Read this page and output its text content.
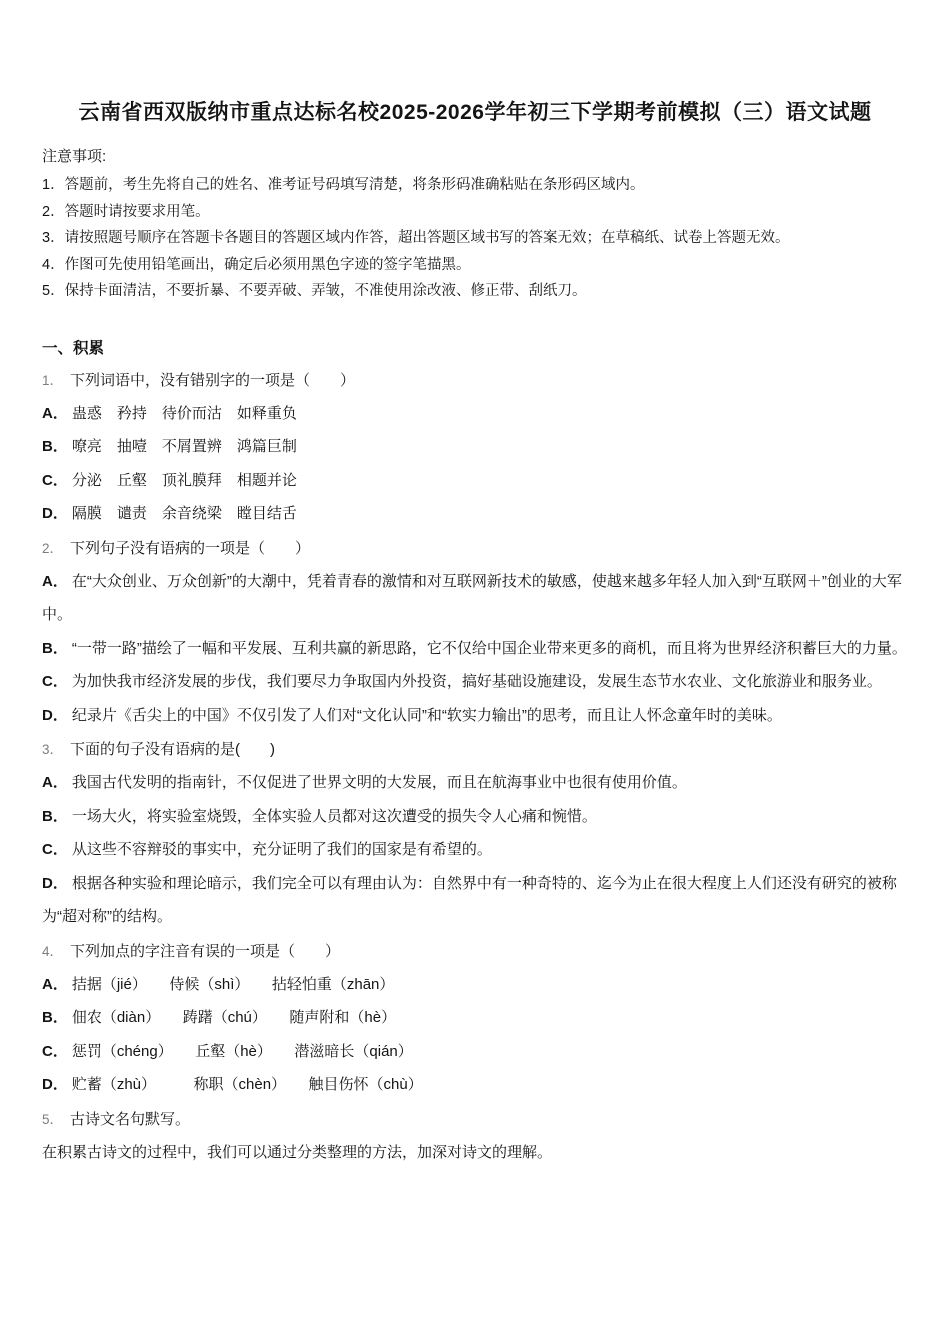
云南省西双版纳市重点达标名校2025-2026学年初三下学期考前模拟（三）语文试题
注意事项:
1．答题前，考生先将自己的姓名、准考证号码填写清楚，将条形码准确粘贴在条形码区域内。
2．答题时请按要求用笔。
3．请按照题号顺序在答题卡各题目的答题区域内作答，超出答题区域书写的答案无效；在草稿纸、试卷上答题无效。
4．作图可先使用铅笔画出，确定后必须用黑色字迹的签字笔描黑。
5．保持卡面清洁，不要折暴、不要弄破、弄皱，不准使用涂改液、修正带、刮纸刀。
一、积累
1． 下列词语中，没有错别字的一项是（　　）
A． 蛊惑　矜持　待价而沽　如释重负
B． 嘹亮　抽噎　不屑置辨　鸿篇巨制
C． 分泌　丘壑　顶礼膜拜　相题并论
D． 隔膜　谴责　余音绕梁　瞠目结舌
2． 下列句子没有语病的一项是（　　）
A． 在“大众创业、万众创新”的大潮中，凭着青春的激情和对互联网新技术的敏感，使越来越多年轻人加入到“互联网＋”创业的大军中。
B． “一带一路”描绘了一幅和平发展、互利共赢的新思路，它不仅给中国企业带来更多的商机，而且将为世界经济积蓄巨大的力量。
C． 为加快我市经济发展的步伐，我们要尽力争取国内外投资，搞好基础设施建设，发展生态节水农业、文化旅游业和服务业。
D． 纪录片《舌尖上的中国》不仅引发了人们对“文化认同”和“软实力输出”的思考，而且让人怀念童年时的美味。
3． 下面的句子没有语病的是(　　)
A． 我国古代发明的指南针，不仅促进了世界文明的大发展，而且在航海事业中也很有使用价值。
B． 一场大火，将实验室烧毁，全体实验人员都对这次遭受的损失令人心痛和惋惜。
C． 从这些不容辩驳的事实中，充分证明了我们的国家是有希望的。
D． 根据各种实验和理论暗示，我们完全可以有理由认为：自然界中有一种奇特的、迄今为止在很大程度上人们还没有研究的被称为“超对称”的结构。
4． 下列加点的字注音有误的一项是（　　）
A． 拮据（jié）　　侍候（shì）　　拈轻怕重（zhān）
B． 佃农（diàn）　　踌躇（chú）　　随声附和（hè）
C． 惩罚（chéng）　　丘壑（hè）　　潜滋暗长（qián）
D． 贮蓄（zhù）　　　称职（chèn）　　触目伤怀（chù）
5． 古诗文名句默写。
在积累古诗文的过程中，我们可以通过分类整理的方法，加深对诗文的理解。
